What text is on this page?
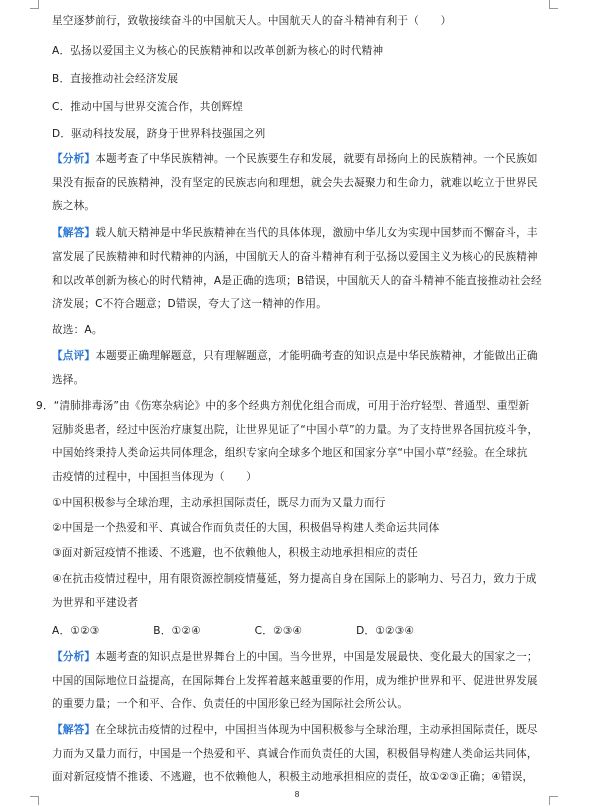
星空逐梦前行，致敬接续奋斗的中国航天人。中国航天人的奋斗精神有利于（　　）
A．弘扬以爱国主义为核心的民族精神和以改革创新为核心的时代精神
B．直接推动社会经济发展
C．推动中国与世界交流合作，共创辉煌
D．驱动科技发展，跻身于世界科技强国之列
【分析】本题考查了中华民族精神。一个民族要生存和发展，就要有昂扬向上的民族精神。一个民族如
果没有振奋的民族精神，没有坚定的民族志向和理想，就会失去凝聚力和生命力，就难以屹立于世界民
族之林。
【解答】载人航天精神是中华民族精神在当代的具体体现，激励中华儿女为实现中国梦而不懈奋斗，丰
富发展了民族精神和时代精神的内涵，中国航天人的奋斗精神有利于弘扬以爱国主义为核心的民族精神
和以改革创新为核心的时代精神，A是正确的选项；B错误，中国航天人的奋斗精神不能直接推动社会经
济发展；C不符合题意；D错误，夸大了这一精神的作用。
故选：A。
【点评】本题要正确理解题意，只有理解题意，才能明确考查的知识点是中华民族精神，才能做出正确
选择。
9．“清肺排毒汤”由《伤寒杂病论》中的多个经典方剂优化组合而成，可用于治疗轻型、普通型、重型新
冠肺炎患者，经过中医治疗康复出院，让世界见证了“中国小草”的力量。为了支持世界各国抗疫斗争，
中国始终秉持人类命运共同体理念，组织专家向全球多个地区和国家分享“中国小草”经验。在全球抗
击疫情的过程中，中国担当体现为（　　）
①中国积极参与全球治理，主动承担国际责任，既尽力而为又量力而行
②中国是一个热爱和平、真诚合作而负责任的大国，积极倡导构建人类命运共同体
③面对新冠疫情不推诿、不逃避，也不依赖他人，积极主动地承担相应的责任
④在抗击疫情过程中，用有限资源控制疫情蔓延，努力提高自身在国际上的影响力、号召力，致力于成
为世界和平建设者
A．①②③　　　　　B．①②④　　　　　C．②③④　　　　　D．①②③④
【分析】本题考查的知识点是世界舞台上的中国。当今世界，中国是发展最快、变化最大的国家之一；
中国的国际地位日益提高，在国际舞台上发挥着越来越重要的作用，成为维护世界和平、促进世界发展
的重要力量；一个和平、合作、负责任的中国形象已经为国际社会所公认。
【解答】在全球抗击疫情的过程中，中国担当体现为中国积极参与全球治理，主动承担国际责任，既尽
力而为又量力而行，中国是一个热爱和平、真诚合作而负责任的大国，积极倡导构建人类命运共同体，
面对新冠疫情不推诿、不逃避，也不依赖他人，积极主动地承担相应的责任，故①②③正确；④错误，
8
